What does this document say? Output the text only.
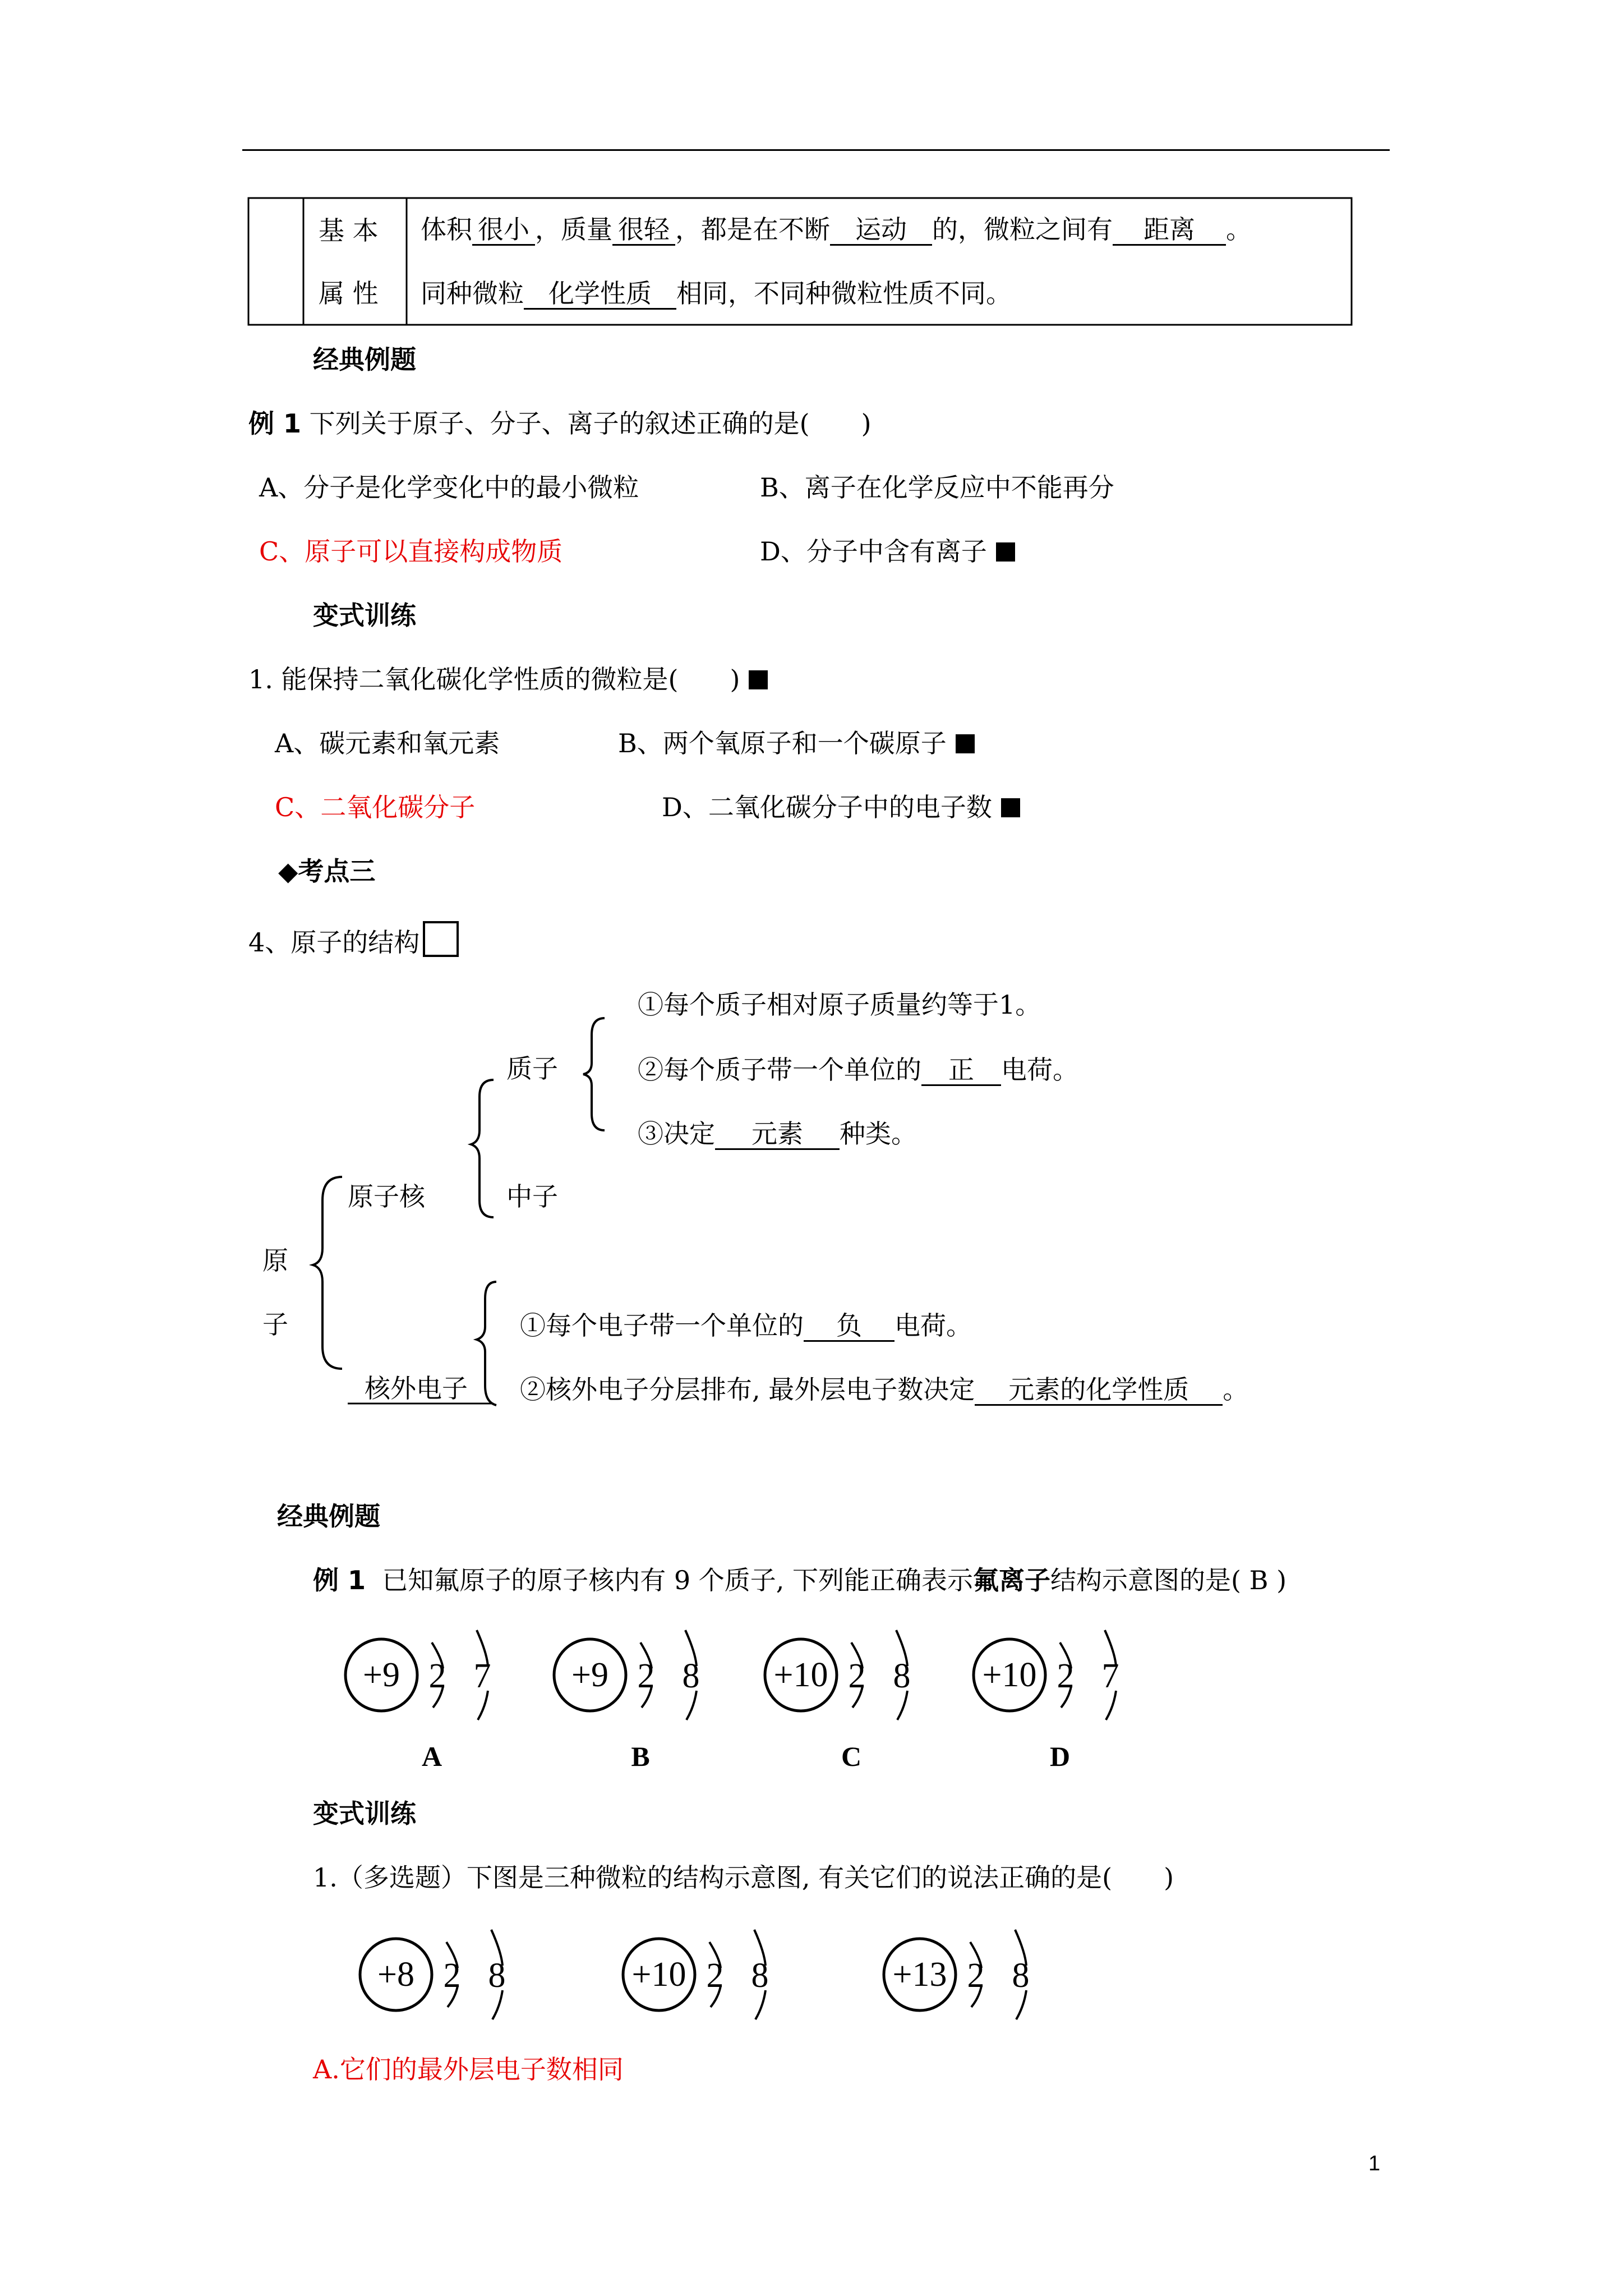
基 本
属 性
体积 很小 ，质量 很轻 ，都是在不断 运动 的，微粒之间有 距离 。
同种微粒 化学性质 相同，不同种微粒性质不同。
经典例题
例 1 下列关于原子、分子、离子的叙述正确的是(　　)
A、分子是化学变化中的最小微粒	B、离子在化学反应中不能再分
C、原子可以直接构成物质	D、分子中含有离子
变式训练
1. 能保持二氧化碳化学性质的微粒是(　　)
A、碳元素和氧元素	B、两个氧原子和一个碳原子
C、二氧化碳分子	D、二氧化碳分子中的电子数
◆考点三
4、原子的结构
①每个质子相对原子质量约等于1。
②每个质子带一个单位的 正 电荷。
③决定 元素 种类。
质子
中子
原子核
原
子
核外电子
①每个电子带一个单位的 负 电荷。
②核外电子分层排布, 最外层电子数决定 元素的化学性质 。
经典例题
例 1 已知氟原子的原子核内有 9 个质子, 下列能正确表示氟离子结构示意图的是( B )
+9 2 7
A
+9 2 8
B
+10 2 8
C
+10 2 7
D
变式训练
1.（多选题）下图是三种微粒的结构示意图, 有关它们的说法正确的是(　　)
+8 2 8	+10 2 8	+13 2 8
A.它们的最外层电子数相同
1
